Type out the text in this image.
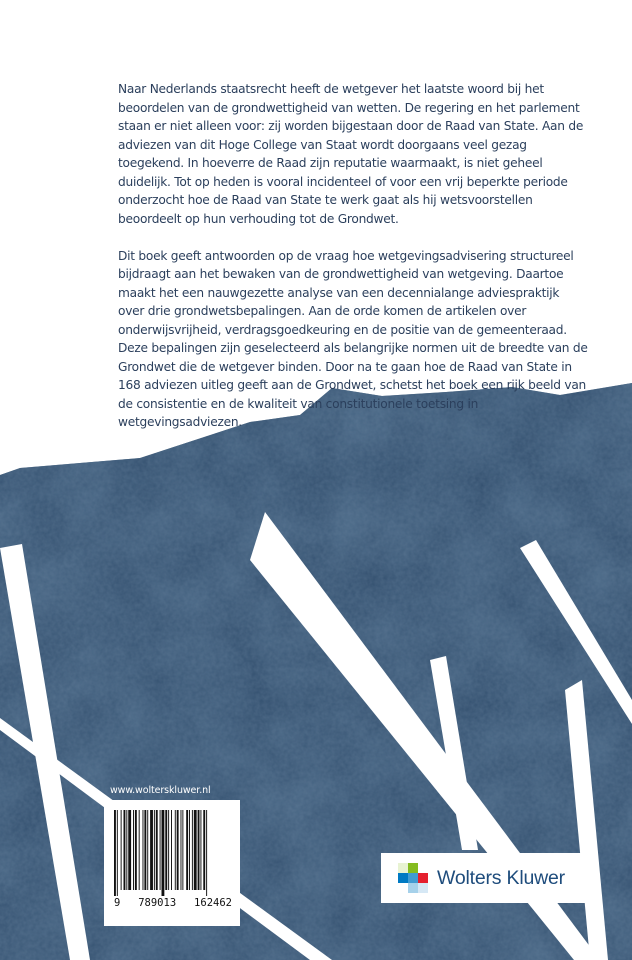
Naar Nederlands staatsrecht heeft de wetgever het laatste woord bij het beoordelen van de grondwettigheid van wetten. De regering en het parlement staan er niet alleen voor: zij worden bijgestaan door de Raad van State. Aan de adviezen van dit Hoge College van Staat wordt doorgaans veel gezag toegekend. In hoeverre de Raad zijn reputatie waarmaakt, is niet geheel duidelijk. Tot op heden is vooral incidenteel of voor een vrij beperkte periode onderzocht hoe de Raad van State te werk gaat als hij wetsvoorstellen beoordeelt op hun verhouding tot de Grondwet.

Dit boek geeft antwoorden op de vraag hoe wetgevingsadvisering structureel bijdraagt aan het bewaken van de grondwettigheid van wetgeving. Daartoe maakt het een nauwgezette analyse van een decennialange adviespraktijk over drie grondwetsbepalingen. Aan de orde komen de artikelen over onderwijsvrijheid, verdragsgoedkeuring en de positie van de gemeenteraad. Deze bepalingen zijn geselecteerd als belangrijke normen uit de breedte van de Grondwet die de wetgever binden. Door na te gaan hoe de Raad van State in 168 adviezen uitleg geeft aan de Grondwet, schetst het boek een rijk beeld van de consistentie en de kwaliteit van constitutionele toetsing in wetgevingsadviezen.

www.wolterskluwer.nl
9 789013 162462
Wolters Kluwer
